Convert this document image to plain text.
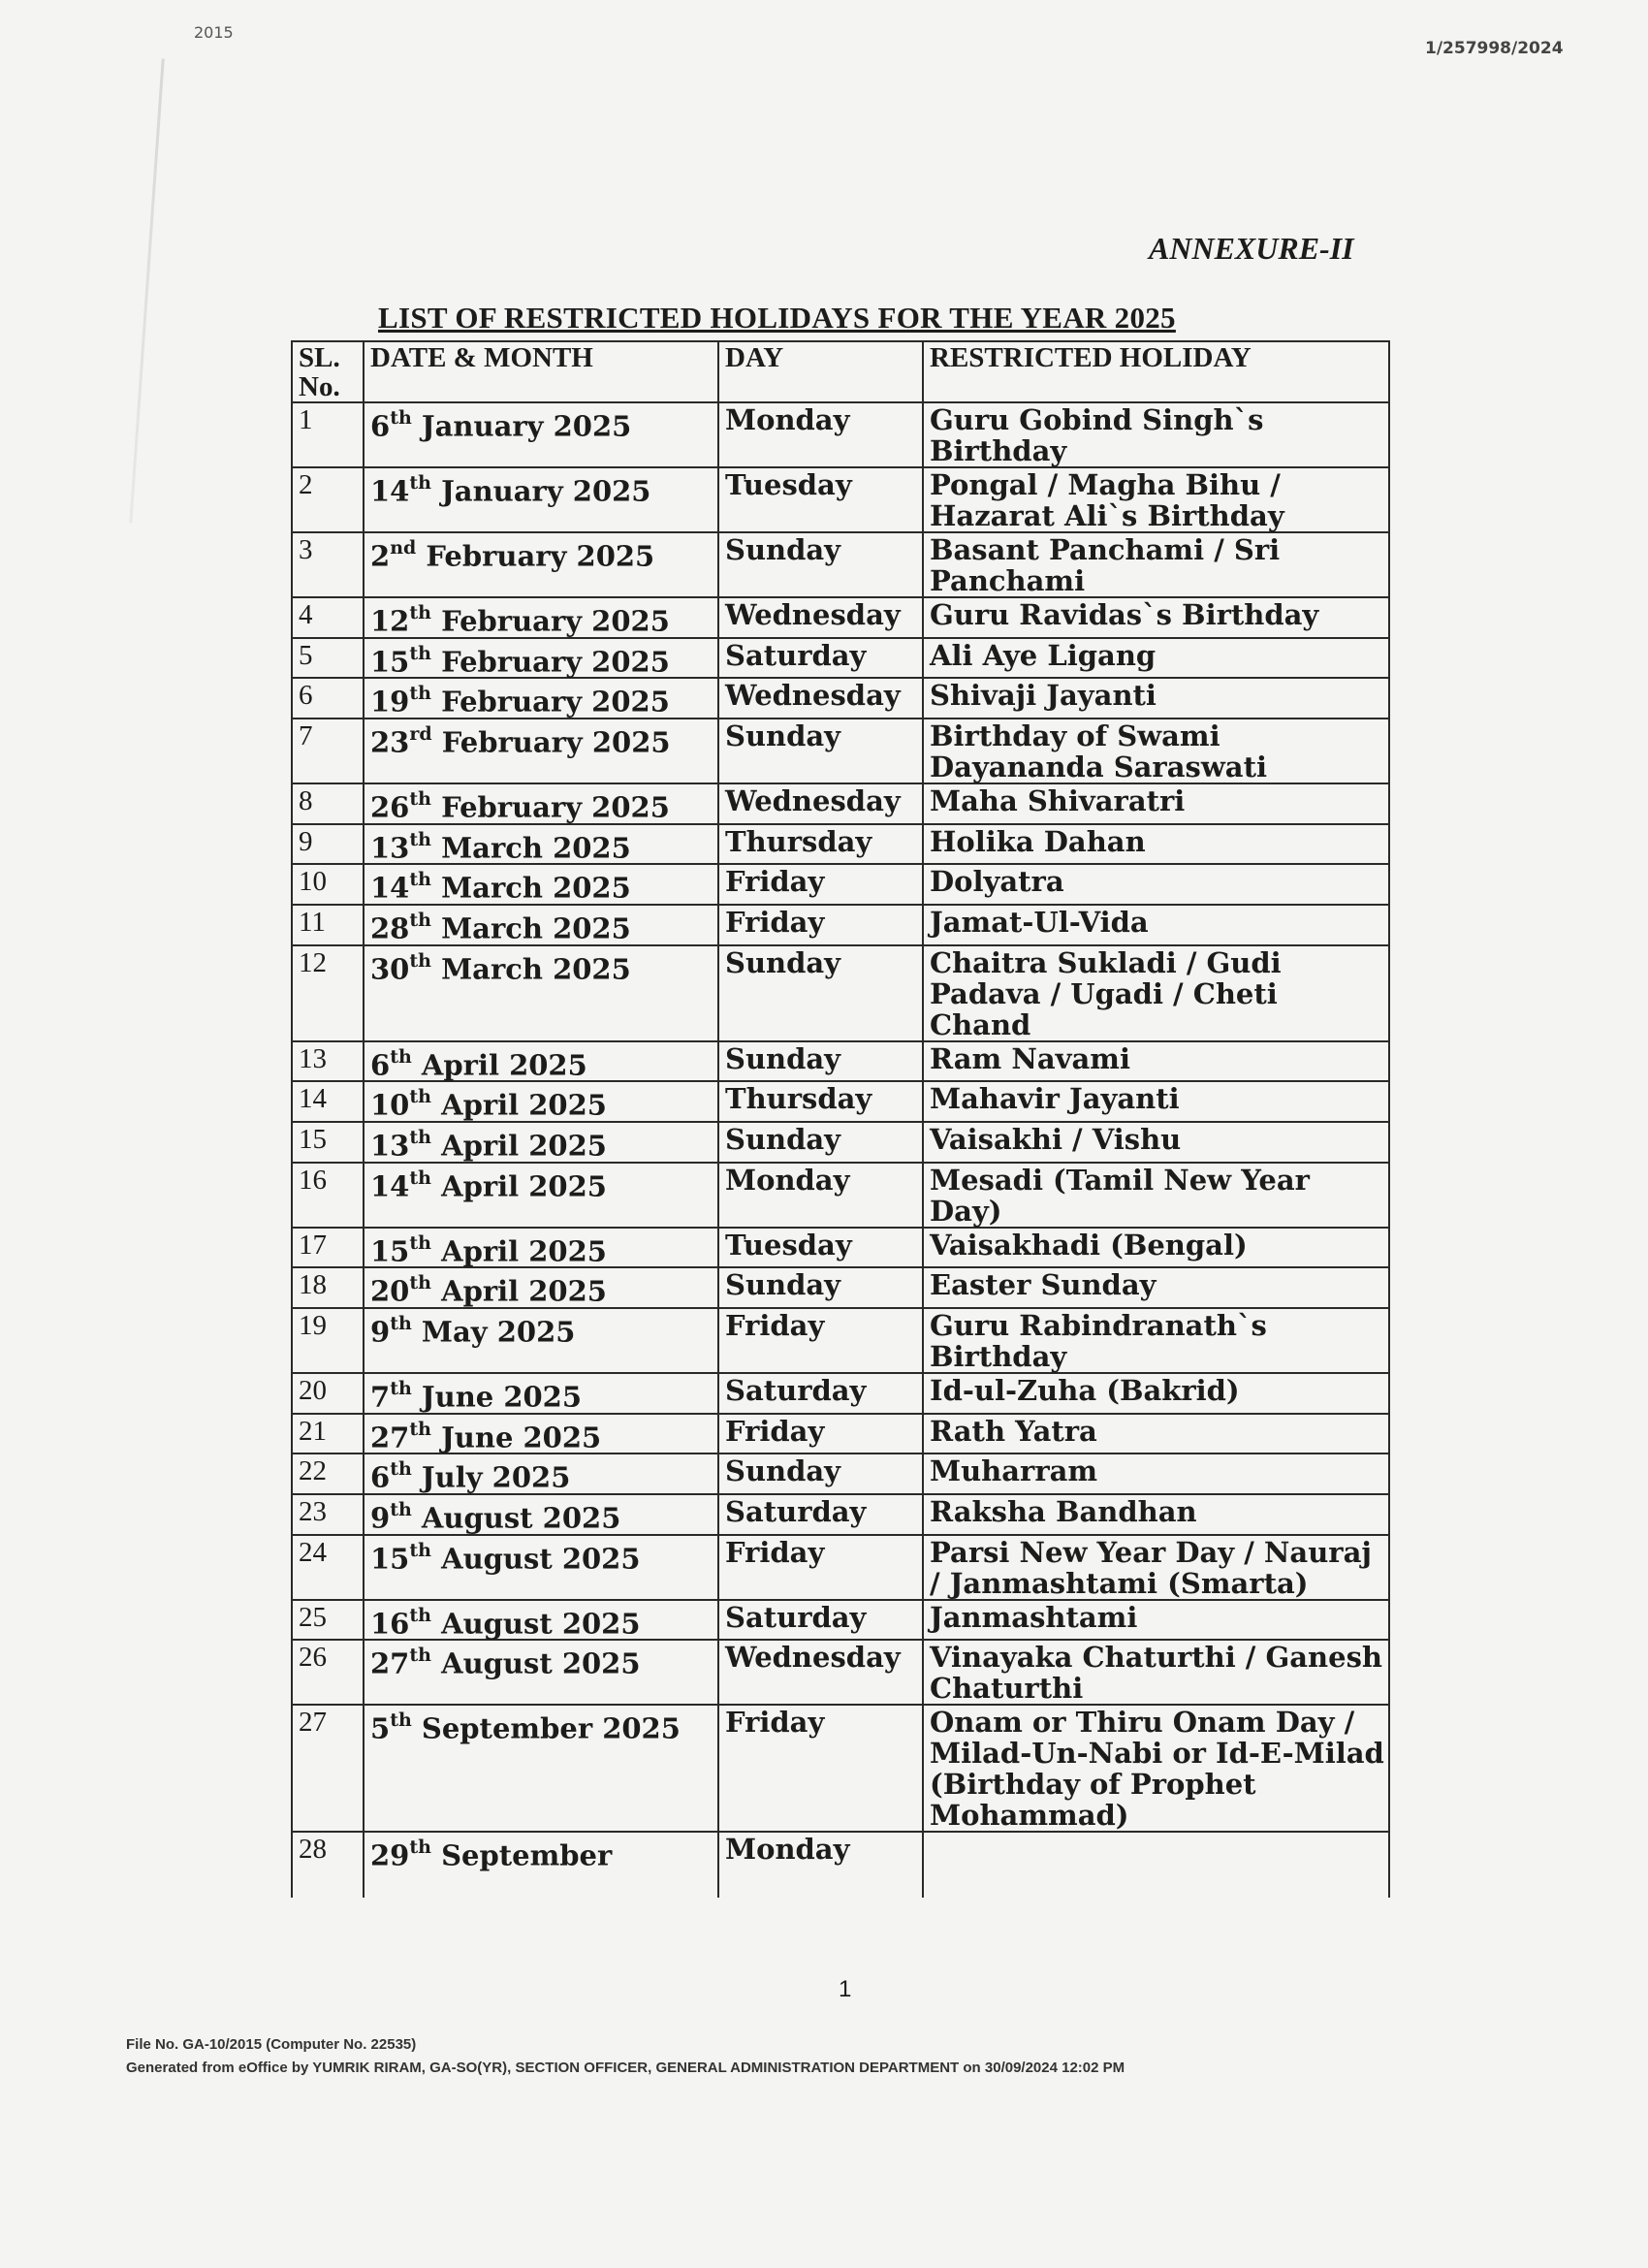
2015
1/257998/2024
ANNEXURE-II
LIST OF RESTRICTED HOLIDAYS FOR THE YEAR 2025
SL. No.	DATE & MONTH	DAY	RESTRICTED HOLIDAY
1	6th January 2025	Monday	Guru Gobind Singh`s Birthday
2	14th January 2025	Tuesday	Pongal / Magha Bihu / Hazarat Ali`s Birthday
3	2nd February 2025	Sunday	Basant Panchami / Sri Panchami
4	12th February 2025	Wednesday	Guru Ravidas`s Birthday
5	15th February 2025	Saturday	Ali Aye Ligang
6	19th February 2025	Wednesday	Shivaji Jayanti
7	23rd February 2025	Sunday	Birthday of Swami Dayananda Saraswati
8	26th February 2025	Wednesday	Maha Shivaratri
9	13th March 2025	Thursday	Holika Dahan
10	14th March 2025	Friday	Dolyatra
11	28th March 2025	Friday	Jamat-Ul-Vida
12	30th March 2025	Sunday	Chaitra Sukladi / Gudi Padava / Ugadi / Cheti Chand
13	6th April 2025	Sunday	Ram Navami
14	10th April 2025	Thursday	Mahavir Jayanti
15	13th April 2025	Sunday	Vaisakhi / Vishu
16	14th April 2025	Monday	Mesadi (Tamil New Year Day)
17	15th April 2025	Tuesday	Vaisakhadi (Bengal)
18	20th April 2025	Sunday	Easter Sunday
19	9th May 2025	Friday	Guru Rabindranath`s Birthday
20	7th June 2025	Saturday	Id-ul-Zuha (Bakrid)
21	27th June 2025	Friday	Rath Yatra
22	6th July 2025	Sunday	Muharram
23	9th August 2025	Saturday	Raksha Bandhan
24	15th August 2025	Friday	Parsi New Year Day / Nauraj / Janmashtami (Smarta)
25	16th August 2025	Saturday	Janmashtami
26	27th August 2025	Wednesday	Vinayaka Chaturthi / Ganesh Chaturthi
27	5th September 2025	Friday	Onam or Thiru Onam Day / Milad-Un-Nabi or Id-E-Milad (Birthday of Prophet Mohammad)
28	29th September	Monday	
1
File No. GA-10/2015 (Computer No. 22535)
Generated from eOffice by YUMRIK RIRAM, GA-SO(YR), SECTION OFFICER, GENERAL ADMINISTRATION DEPARTMENT on 30/09/2024 12:02 PM
